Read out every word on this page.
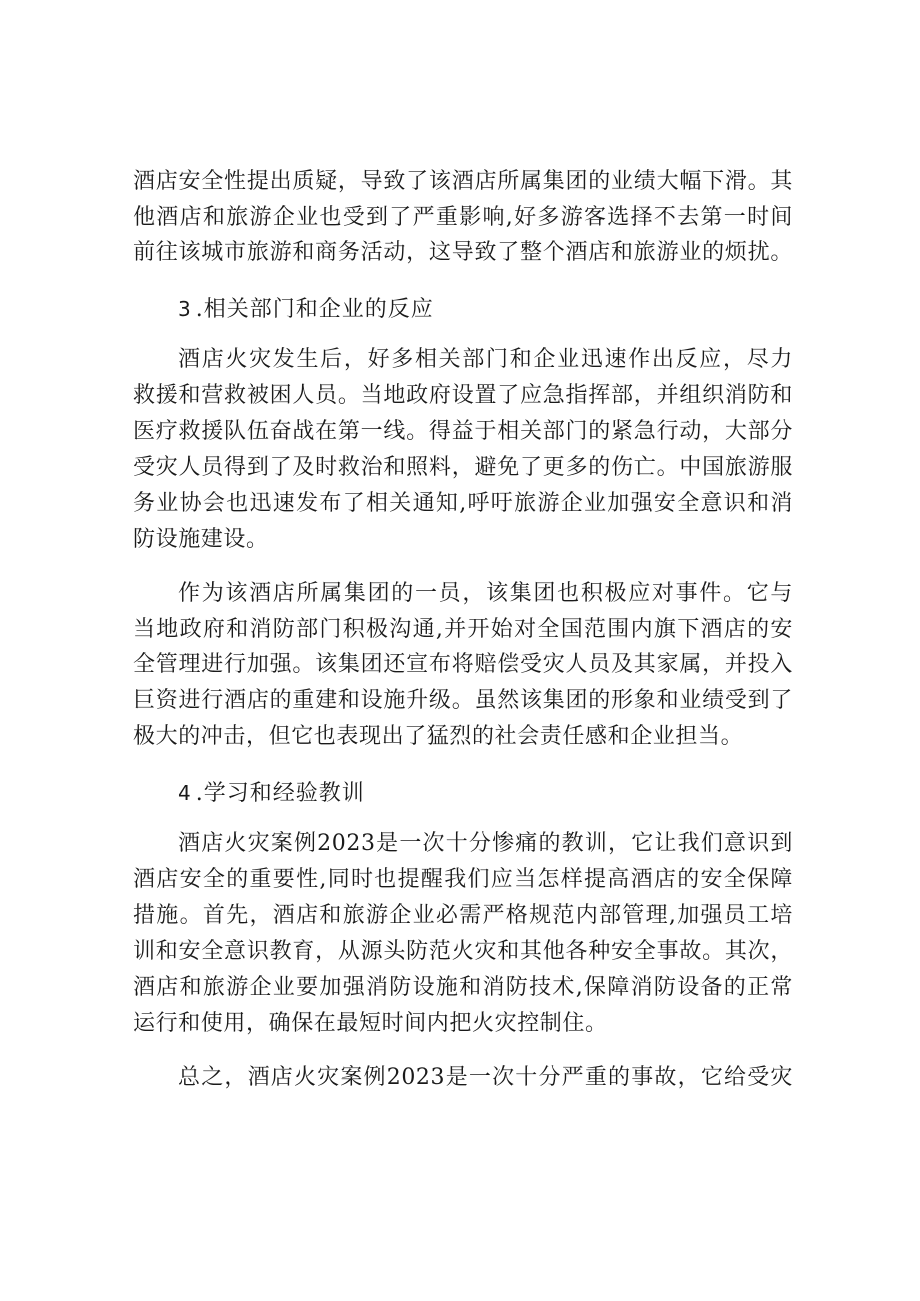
酒店安全性提出质疑，导致了该酒店所属集团的业绩大幅下滑。其
他酒店和旅游企业也受到了严重影响,好多游客选择不去第一时间
前往该城市旅游和商务活动，这导致了整个酒店和旅游业的烦扰。
3 .相关部门和企业的反应
酒店火灾发生后，好多相关部门和企业迅速作出反应，尽力
救援和营救被困人员。当地政府设置了应急指挥部，并组织消防和
医疗救援队伍奋战在第一线。得益于相关部门的紧急行动，大部分
受灾人员得到了及时救治和照料，避免了更多的伤亡。中国旅游服
务业协会也迅速发布了相关通知,呼吁旅游企业加强安全意识和消
防设施建设。
作为该酒店所属集团的一员，该集团也积极应对事件。它与
当地政府和消防部门积极沟通,并开始对全国范围内旗下酒店的安
全管理进行加强。该集团还宣布将赔偿受灾人员及其家属，并投入
巨资进行酒店的重建和设施升级。虽然该集团的形象和业绩受到了
极大的冲击，但它也表现出了猛烈的社会责任感和企业担当。
4 .学习和经验教训
酒店火灾案例2023是一次十分惨痛的教训，它让我们意识到
酒店安全的重要性,同时也提醒我们应当怎样提高酒店的安全保障
措施。首先，酒店和旅游企业必需严格规范内部管理,加强员工培
训和安全意识教育，从源头防范火灾和其他各种安全事故。其次，
酒店和旅游企业要加强消防设施和消防技术,保障消防设备的正常
运行和使用，确保在最短时间内把火灾控制住。
总之，酒店火灾案例2023是一次十分严重的事故，它给受灾
